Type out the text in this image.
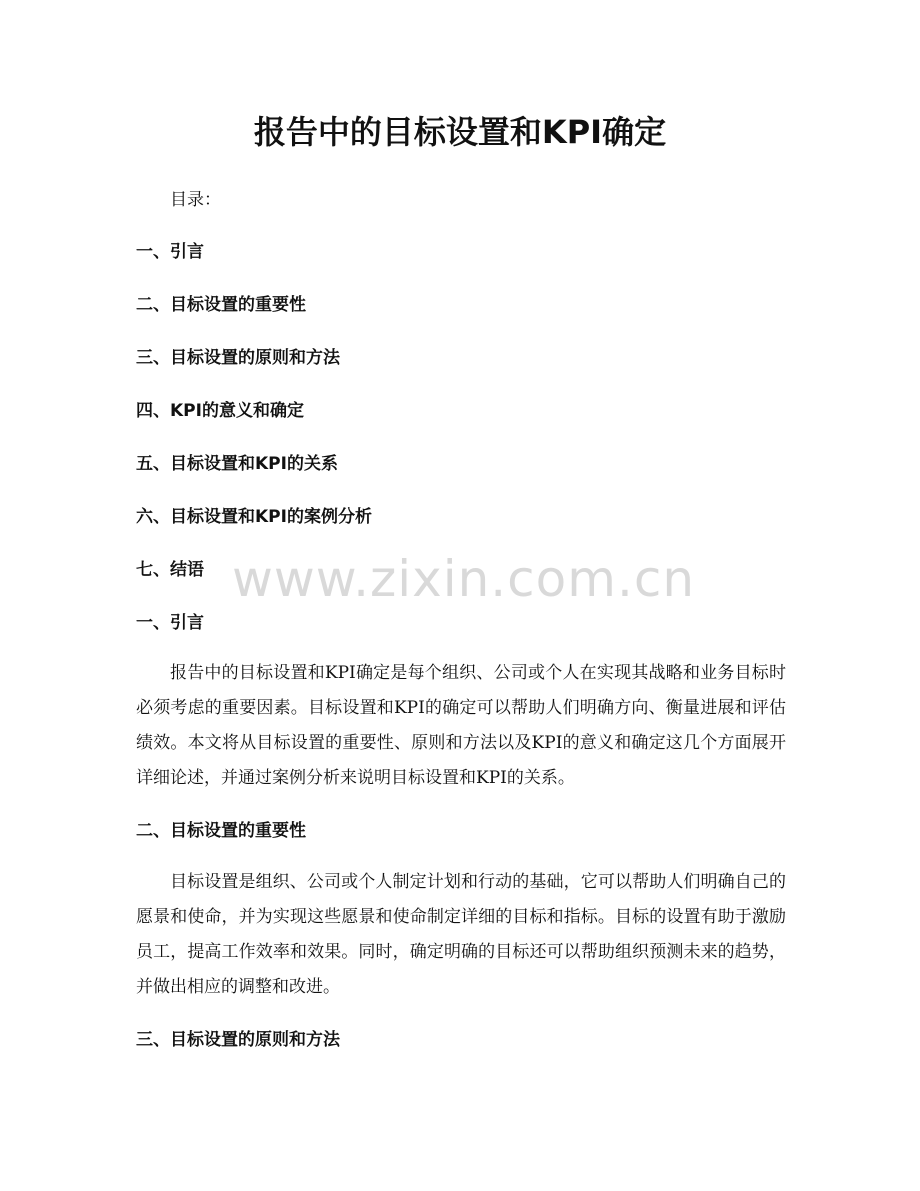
报告中的目标设置和KPI确定

目录：

一、引言

二、目标设置的重要性

三、目标设置的原则和方法

四、KPI的意义和确定

五、目标设置和KPI的关系

六、目标设置和KPI的案例分析

七、结语

一、引言

报告中的目标设置和KPI确定是每个组织、公司或个人在实现其战略和业务目标时必须考虑的重要因素。目标设置和KPI的确定可以帮助人们明确方向、衡量进展和评估绩效。本文将从目标设置的重要性、原则和方法以及KPI的意义和确定这几个方面展开详细论述，并通过案例分析来说明目标设置和KPI的关系。

二、目标设置的重要性

目标设置是组织、公司或个人制定计划和行动的基础，它可以帮助人们明确自己的愿景和使命，并为实现这些愿景和使命制定详细的目标和指标。目标的设置有助于激励员工，提高工作效率和效果。同时，确定明确的目标还可以帮助组织预测未来的趋势，并做出相应的调整和改进。

三、目标设置的原则和方法

www.zixin.com.cn
